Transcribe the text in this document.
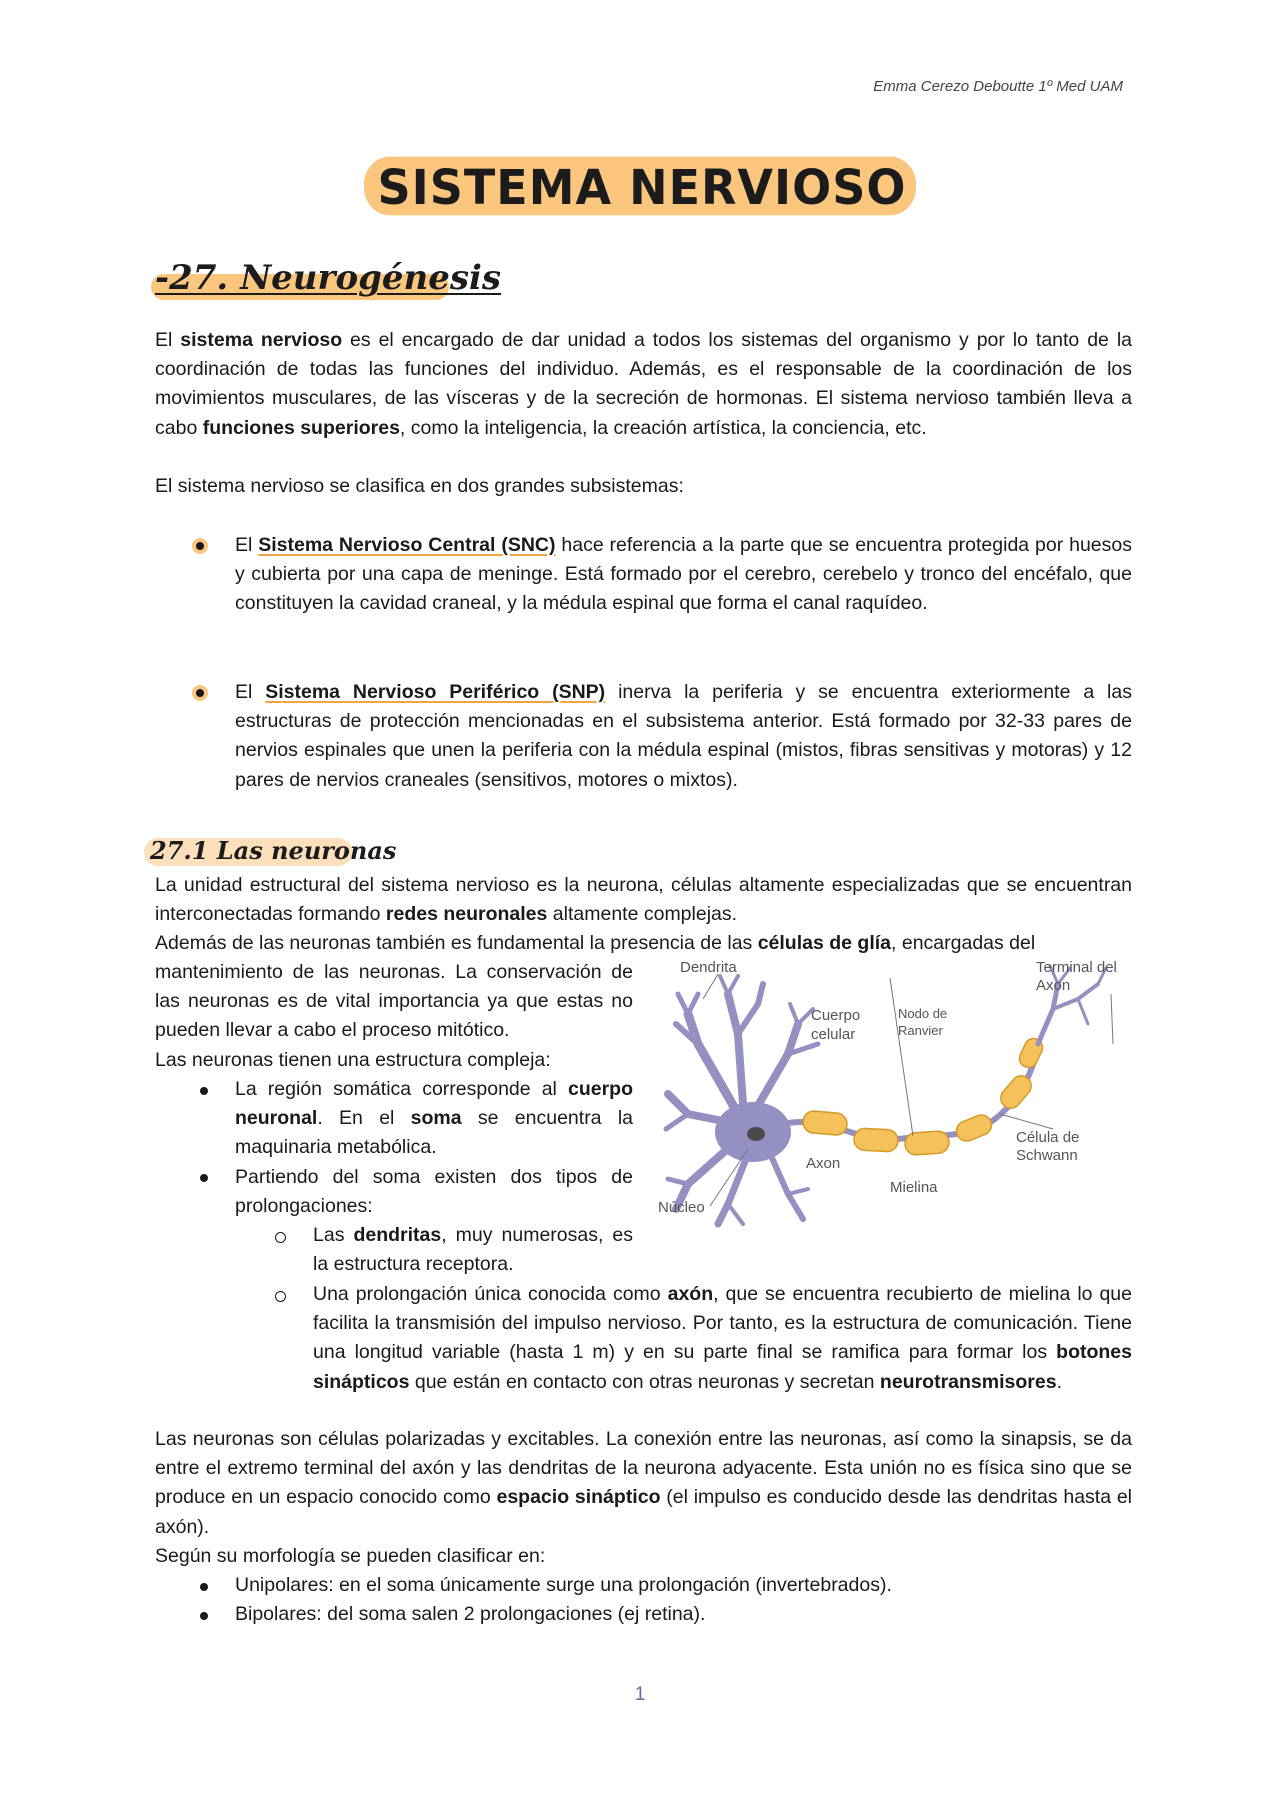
Emma Cerezo Deboutte 1º Med UAM
SISTEMA NERVIOSO
-27. Neurogénesis
El sistema nervioso es el encargado de dar unidad a todos los sistemas del organismo y por lo tanto de la coordinación de todas las funciones del individuo. Además, es el responsable de la coordinación de los movimientos musculares, de las vísceras y de la secreción de hormonas. El sistema nervioso también lleva a cabo funciones superiores, como la inteligencia, la creación artística, la conciencia, etc.
El sistema nervioso se clasifica en dos grandes subsistemas:
El Sistema Nervioso Central (SNC) hace referencia a la parte que se encuentra protegida por huesos y cubierta por una capa de meninge. Está formado por el cerebro, cerebelo y tronco del encéfalo, que constituyen la cavidad craneal, y la médula espinal que forma el canal raquídeo.
El Sistema Nervioso Periférico (SNP) inerva la periferia y se encuentra exteriormente a las estructuras de protección mencionadas en el subsistema anterior. Está formado por 32-33 pares de nervios espinales que unen la periferia con la médula espinal (mistos, fibras sensitivas y motoras) y 12 pares de nervios craneales (sensitivos, motores o mixtos).
27.1 Las neuronas
La unidad estructural del sistema nervioso es la neurona, células altamente especializadas que se encuentran interconectadas formando redes neuronales altamente complejas.
Además de las neuronas también es fundamental la presencia de las células de glía, encargadas del
mantenimiento de las neuronas. La conservación de las neuronas es de vital importancia ya que estas no pueden llevar a cabo el proceso mitótico.
Las neuronas tienen una estructura compleja:
La región somática corresponde al cuerpo neuronal. En el soma se encuentra la maquinaria metabólica.
Partiendo del soma existen dos tipos de prolongaciones:
Las dendritas, muy numerosas, es la estructura receptora.
Una prolongación única conocida como axón, que se encuentra recubierto de mielina lo que facilita la transmisión del impulso nervioso. Por tanto, es la estructura de comunicación. Tiene una longitud variable (hasta 1 m) y en su parte final se ramifica para formar los botones sinápticos que están en contacto con otras neuronas y secretan neurotransmisores.
Las neuronas son células polarizadas y excitables. La conexión entre las neuronas, así como la sinapsis, se da entre el extremo terminal del axón y las dendritas de la neurona adyacente. Esta unión no es física sino que se produce en un espacio conocido como espacio sináptico (el impulso es conducido desde las dendritas hasta el axón).
Según su morfología se pueden clasificar en:
Unipolares: en el soma únicamente surge una prolongación (invertebrados).
Bipolares: del soma salen 2 prolongaciones (ej retina).
Dendrita	Terminal del
Axon
Cuerpo
celular
Nodo de
Ranvier
Célula de
Schwann
Axon
Mielina
Núcleo
1
